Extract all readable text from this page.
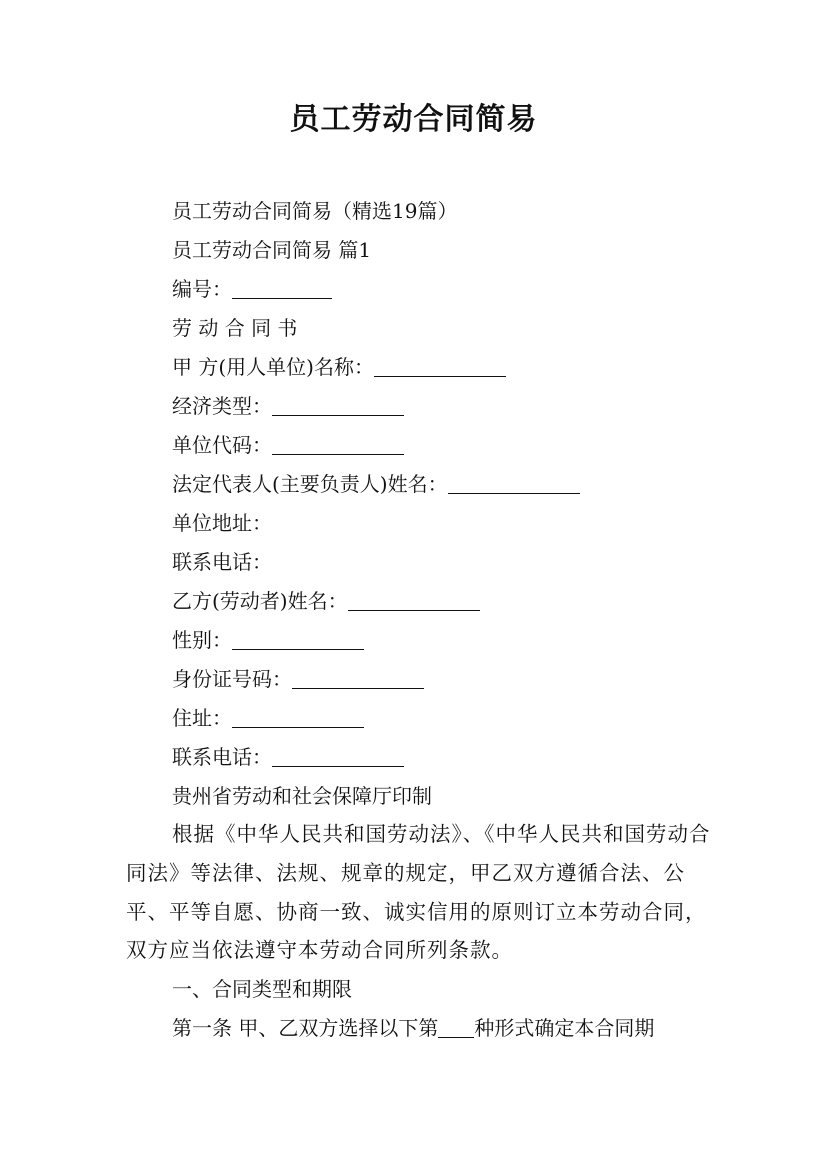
员工劳动合同简易
员工劳动合同简易（精选19篇）
员工劳动合同简易 篇1
编号：
劳 动 合 同 书
甲 方(用人单位)名称：
经济类型：
单位代码：
法定代表人(主要负责人)姓名：
单位地址：
联系电话：
乙方(劳动者)姓名：
性别：
身份证号码：
住址：
联系电话：
贵州省劳动和社会保障厅印制
根据《中华人民共和国劳动法》、《中华人民共和国劳动合同法》等法律、法规、规章的规定，甲乙双方遵循合法、公平、平等自愿、协商一致、诚实信用的原则订立本劳动合同，双方应当依法遵守本劳动合同所列条款。
一、合同类型和期限
第一条 甲、乙双方选择以下第 种形式确定本合同期
